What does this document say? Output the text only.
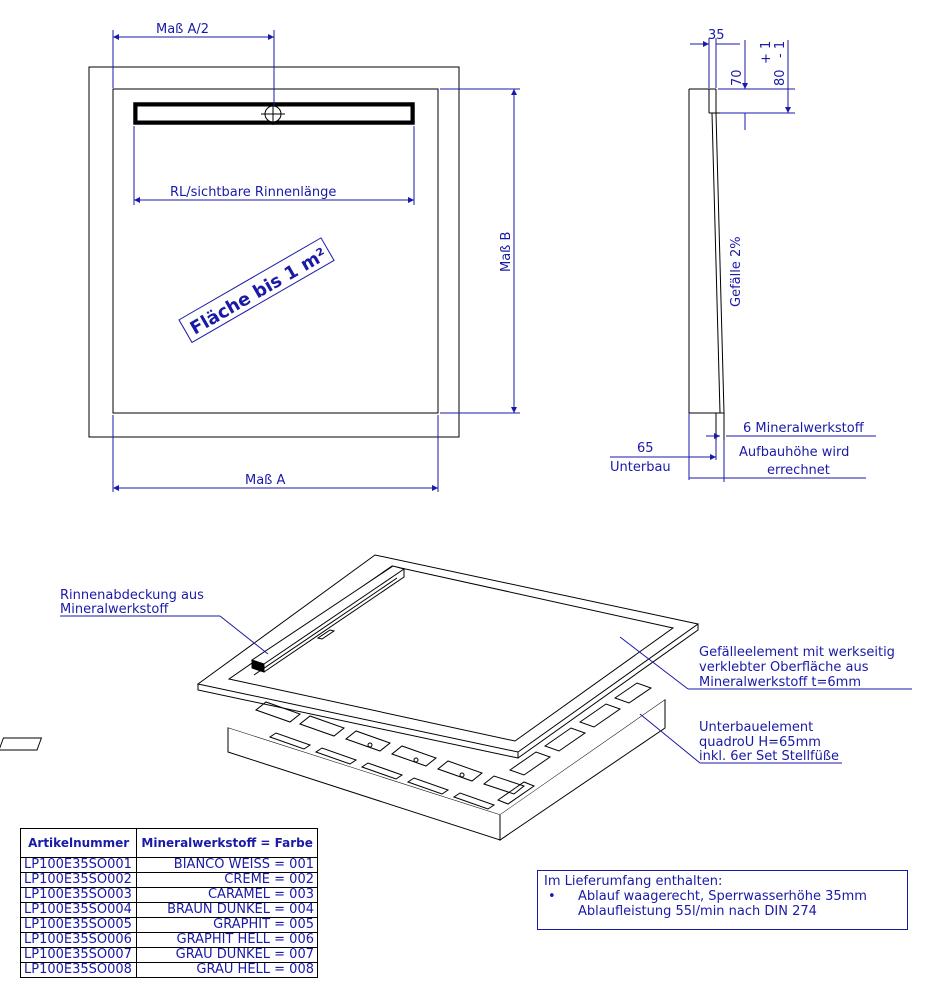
Maß A/2
RL/sichtbare Rinnenlänge
Maß A
Maß B
Fläche bis 1 m²
35
70 80
+ 1 - 1
Gefälle 2%
6 Mineralwerkstoff
65
Unterbau
Aufbauhöhe wird
errechnet
Rinnenabdeckung aus
Mineralwerkstoff
Gefälleelement mit werkseitig
verklebter Oberfläche aus
Mineralwerkstoff t=6mm
Unterbauelement
quadroU H=65mm
inkl. 6er Set Stellfüße
Artikelnummer	Mineralwerkstoff = Farbe
LP100E35SO001	BIANCO WEISS = 001
LP100E35SO002	CREME = 002
LP100E35SO003	CARAMEL = 003
LP100E35SO004	BRAUN DUNKEL = 004
LP100E35SO005	GRAPHIT = 005
LP100E35SO006	GRAPHIT HELL = 006
LP100E35SO007	GRAU DUNKEL = 007
LP100E35SO008	GRAU HELL = 008
Im Lieferumfang enthalten:
• Ablauf waagerecht, Sperrwasserhöhe 35mm
Ablaufleistung 55l/min nach DIN 274
